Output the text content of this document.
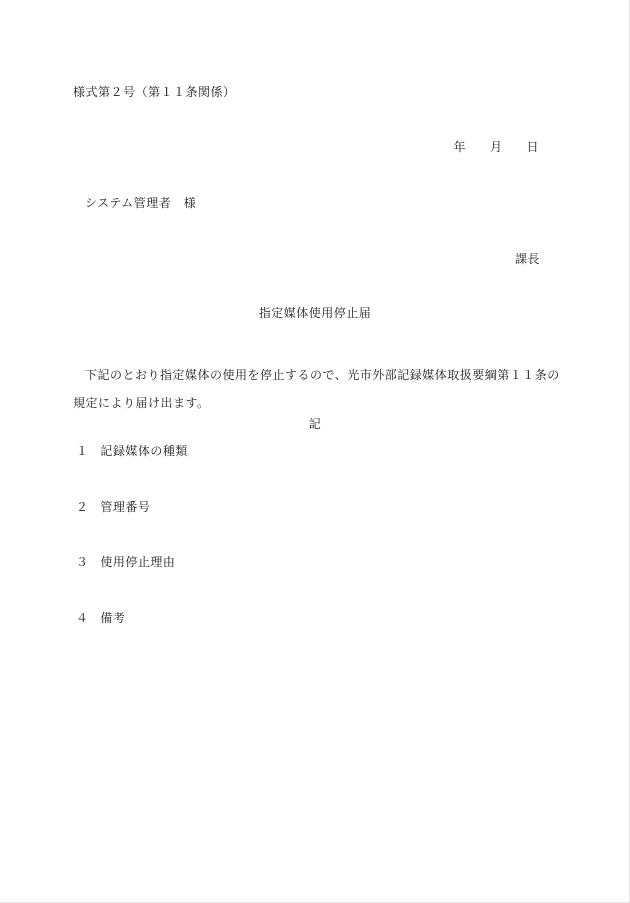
様式第２号（第１１条関係）
年 月 日
システム管理者　様
課長
指定媒体使用停止届
下記のとおり指定媒体の使用を停止するので、光市外部記録媒体取扱要綱第１１条の規定により届け出ます。
記
１ 記録媒体の種類
２ 管理番号
３ 使用停止理由
４ 備考
